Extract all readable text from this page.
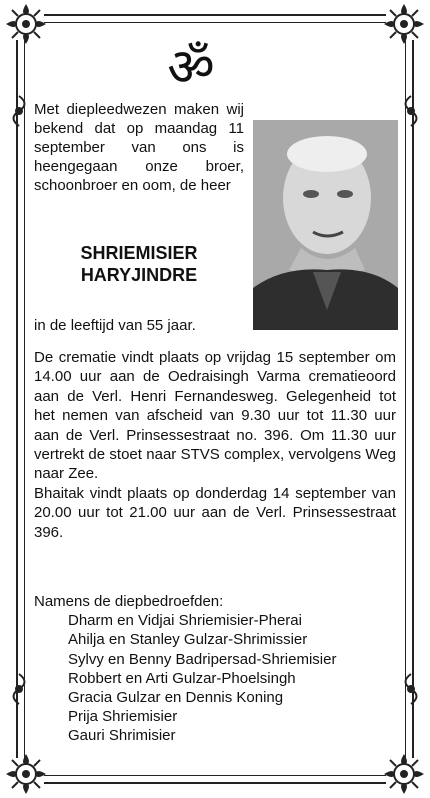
ॐ

Met diepleedwezen maken wij bekend dat op maandag 11 september van ons is heengegaan onze broer, schoonbroer en oom, de heer

SHRIEMISIER
HARYJINDRE
in de leeftijd van 55 jaar.

De crematie vindt plaats op vrijdag 15 september om 14.00 uur aan de Oedraisingh Varma crematieoord aan de Verl. Henri Fernandesweg. Gelegenheid tot het nemen van afscheid van 9.30 uur tot 11.30 uur aan de Verl. Prinsessestraat no. 396. Om 11.30 uur vertrekt de stoet naar STVS complex, vervolgens Weg naar Zee.

Bhaitak vindt plaats op donderdag 14 september van 20.00 uur tot 21.00 uur aan de Verl. Prinsessestraat 396.

Namens de diepbedroefden:

Dharm en Vidjai Shriemisier-Pherai
Ahilja en Stanley Gulzar-Shrimissier
Sylvy en Benny Badripersad-Shriemisier
Robbert en Arti Gulzar-Phoelsingh
Gracia Gulzar en Dennis Koning
Prija Shriemisier
Gauri Shrimisier
